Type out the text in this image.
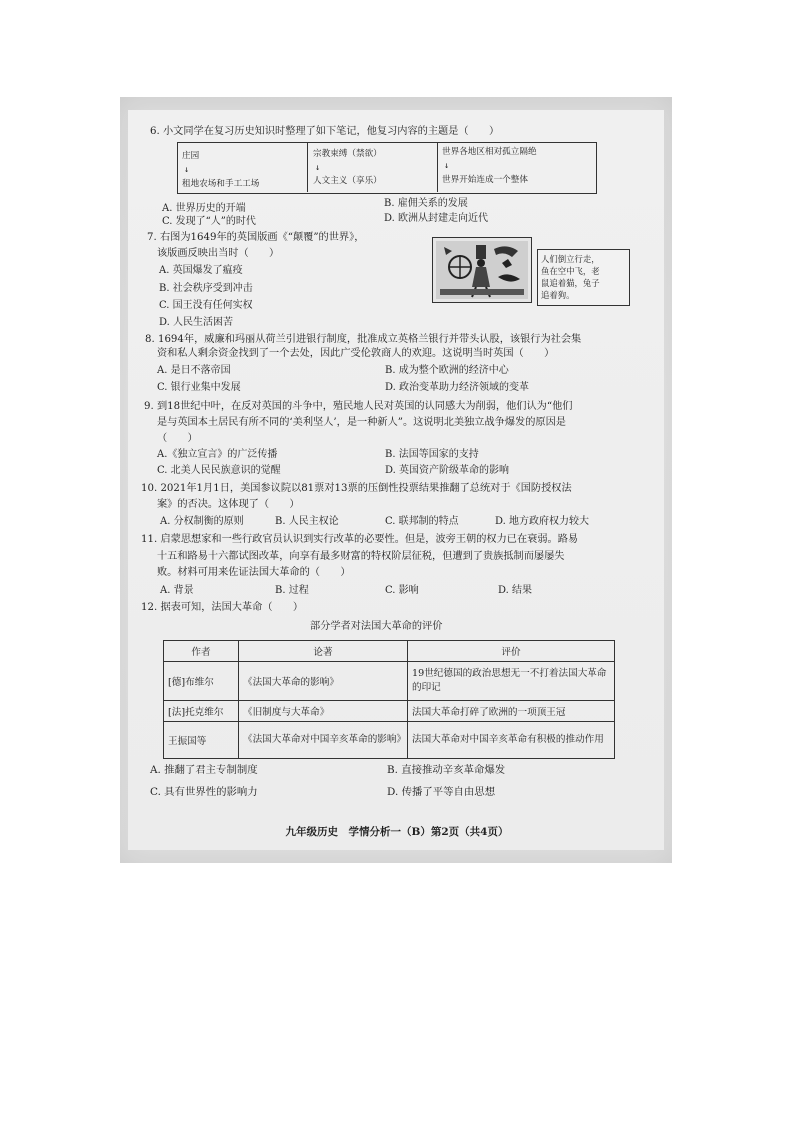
6. 小文同学在复习历史知识时整理了如下笔记，他复习内容的主题是（　　）
庄园
↓
租地农场和手工工场
宗教束缚（禁欲）
↓
人文主义（享乐）
世界各地区相对孤立隔绝
↓
世界开始连成一个整体
A. 世界历史的开端	B. 雇佣关系的发展
C. 发现了“人”的时代	D. 欧洲从封建走向近代
7. 右图为1649年的英国版画《“颠覆”的世界》，
该版画反映出当时（　　）
A. 英国爆发了瘟疫
B. 社会秩序受到冲击
C. 国王没有任何实权
D. 人民生活困苦
人们倒立行走，
鱼在空中飞，老
鼠追着猫，兔子
追着狗。
8. 1694年，威廉和玛丽从荷兰引进银行制度，批准成立英格兰银行并带头认股，该银行为社会集
资和私人剩余资金找到了一个去处，因此广受伦敦商人的欢迎。这说明当时英国（　　）
A. 是日不落帝国	B. 成为整个欧洲的经济中心
C. 银行业集中发展	D. 政治变革助力经济领域的变革
9. 到18世纪中叶，在反对英国的斗争中，殖民地人民对英国的认同感大为削弱，他们认为“他们
是与英国本土居民有所不同的‘美利坚人’，是一种新人”。这说明北美独立战争爆发的原因是
（　　）
A.《独立宣言》的广泛传播	B. 法国等国家的支持
C. 北美人民民族意识的觉醒	D. 英国资产阶级革命的影响
10. 2021年1月1日，美国参议院以81票对13票的压倒性投票结果推翻了总统对于《国防授权法
案》的否决。这体现了（　　）
A. 分权制衡的原则	B. 人民主权论	C. 联邦制的特点	D. 地方政府权力较大
11. 启蒙思想家和一些行政官员认识到实行改革的必要性。但是，波旁王朝的权力已在衰弱。路易
十五和路易十六都试图改革，向享有最多财富的特权阶层征税，但遭到了贵族抵制而屡屡失
败。材料可用来佐证法国大革命的（　　）
A. 背景	B. 过程	C. 影响	D. 结果
12. 据表可知，法国大革命（　　）
部分学者对法国大革命的评价
作者	论著	评价
[德]布维尔	《法国大革命的影响》	19世纪德国的政治思想无一不打着法国大革命的印记
[法]托克维尔	《旧制度与大革命》	法国大革命打碎了欧洲的一项顶王冠
王振国等	《法国大革命对中国辛亥革命的影响》	法国大革命对中国辛亥革命有积极的推动作用
A. 推翻了君主专制制度	B. 直接推动辛亥革命爆发
C. 具有世界性的影响力	D. 传播了平等自由思想
九年级历史　学情分析一（B）第2页（共4页）
